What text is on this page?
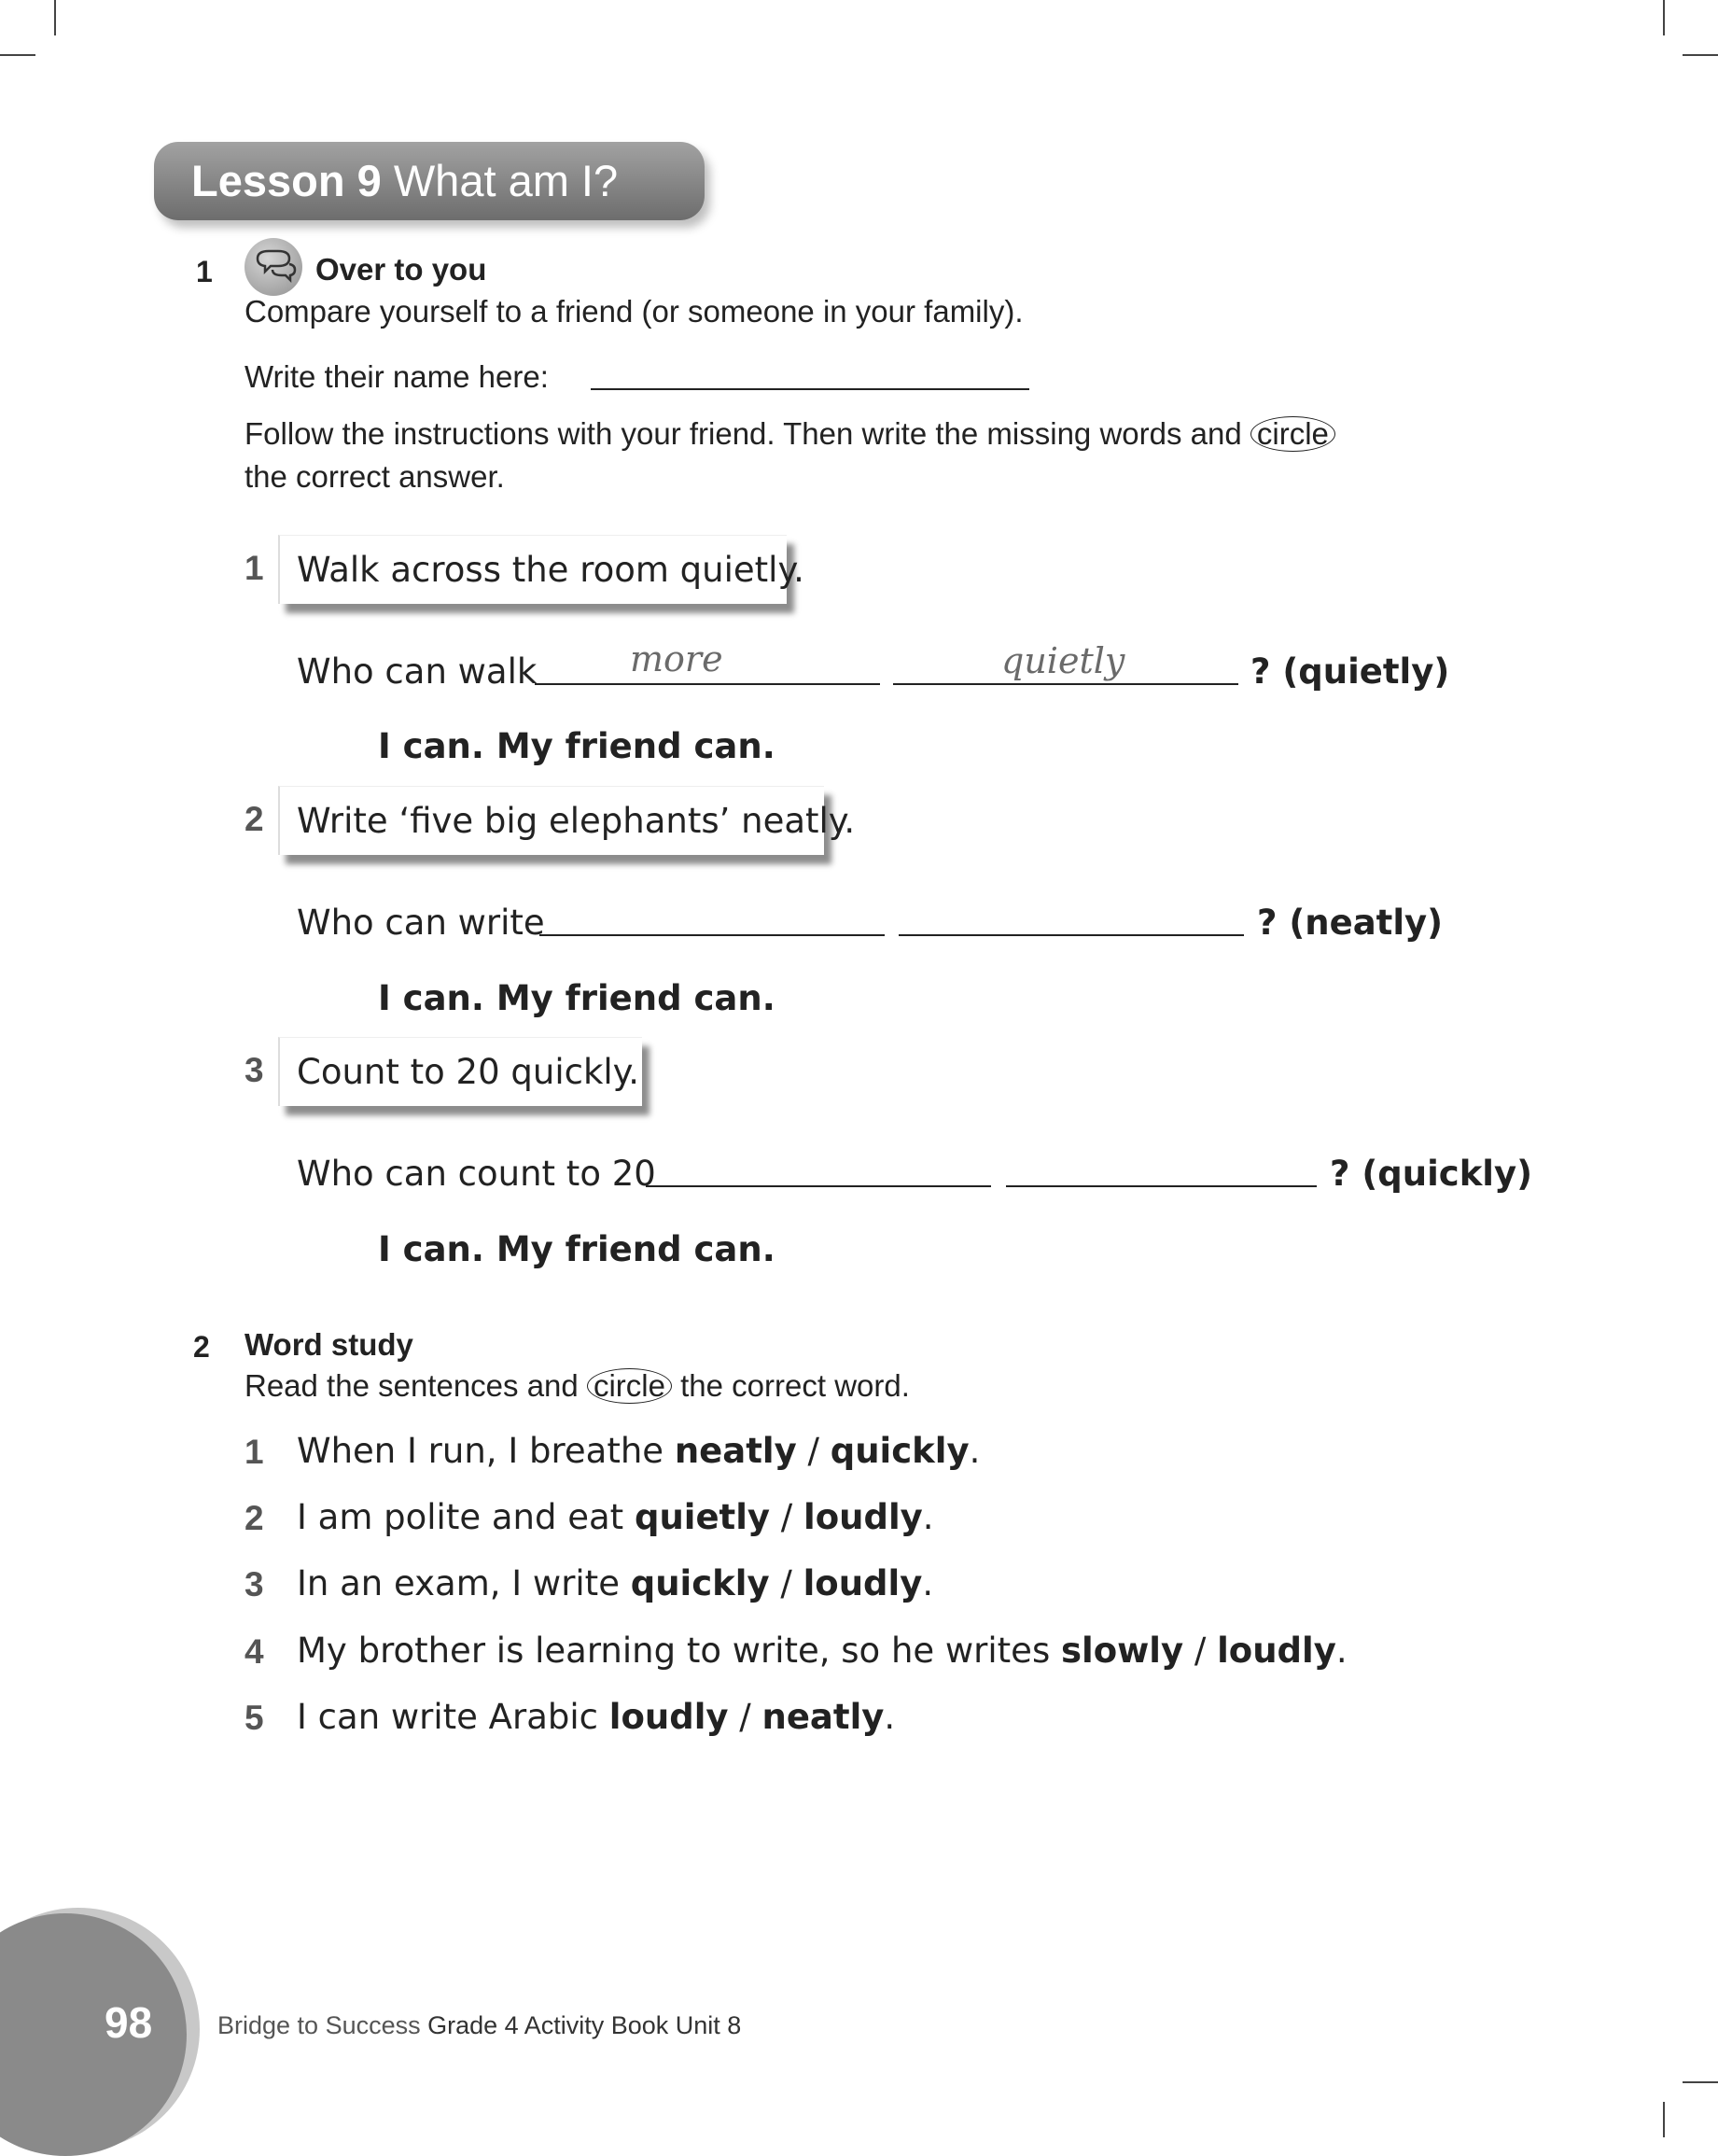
Lesson 9 What am I?
1	Over to you
Compare yourself to a friend (or someone in your family).
Write their name here:
Follow the instructions with your friend. Then write the missing words and circle
the correct answer.
1 Walk across the room quietly.
Who can walk	more	quietly	? (quietly)
I can. My friend can.
2 Write ‘five big elephants’ neatly.
Who can write	? (neatly)
I can. My friend can.
3 Count to 20 quickly.
Who can count to 20	? (quickly)
I can. My friend can.
2 Word study
Read the sentences and circle the correct word.
1 When I run, I breathe neatly / quickly.
2 I am polite and eat quietly / loudly.
3 In an exam, I write quickly / loudly.
4 My brother is learning to write, so he writes slowly / loudly.
5 I can write Arabic loudly / neatly.
98	Bridge to Success Grade 4 Activity Book Unit 8
